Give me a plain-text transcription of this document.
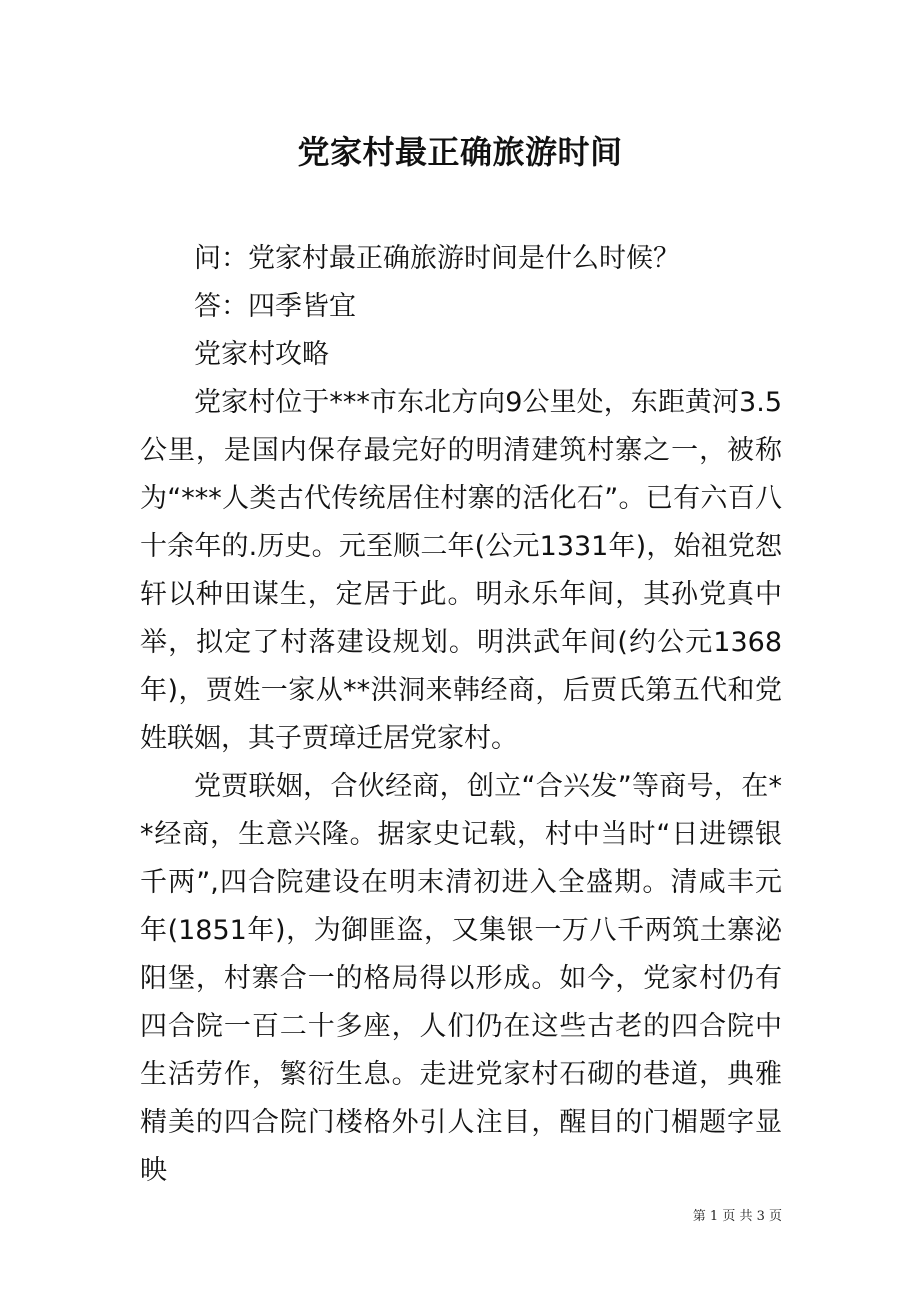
党家村最正确旅游时间

问：党家村最正确旅游时间是什么时候？

答：四季皆宜

党家村攻略

党家村位于***市东北方向9公里处，东距黄河3.5公里，是国内保存最完好的明清建筑村寨之一，被称为“***人类古代传统居住村寨的活化石”。已有六百八十余年的.历史。元至顺二年(公元1331年)，始祖党恕轩以种田谋生，定居于此。明永乐年间，其孙党真中举，拟定了村落建设规划。明洪武年间(约公元1368年)，贾姓一家从**洪洞来韩经商，后贾氏第五代和党姓联姻，其子贾璋迁居党家村。

党贾联姻，合伙经商，创立“合兴发”等商号，在**经商，生意兴隆。据家史记载，村中当时“日进镖银千两”,四合院建设在明末清初进入全盛期。清咸丰元年(1851年)，为御匪盗，又集银一万八千两筑土寨泌阳堡，村寨合一的格局得以形成。如今，党家村仍有四合院一百二十多座，人们仍在这些古老的四合院中生活劳作，繁衍生息。走进党家村石砌的巷道，典雅精美的四合院门楼格外引人注目，醒目的门楣题字显映

第 1 页 共 3 页
